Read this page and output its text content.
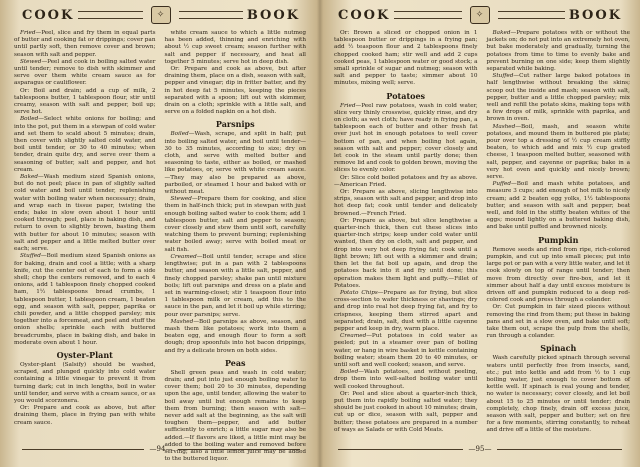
COOK	✧	BOOK

Fried—Peel, slice and fry them in equal parts of butter and cooking fat or drippings; cover pan until partly soft, then remove cover and brown; season with salt and pepper.

Stewed—Peel and cook in boiling salted water until tender; remove to dish with skimmer and serve over them white cream sauce as for asparagus or cauliflower.

Or: Boil and drain; add a cup of milk, 2 tablespoons butter, 1 tablespoon flour, stir until creamy, season with salt and pepper, boil up; serve hot.

Boiled—Select white onions for boiling; and into the pot, put them in a stewpan of cold water and set them to scald about 5 minutes; drain, then cover with slightly salted cold water, and boil until tender, or 30 to 40 minutes; when tender, drain quite dry, and serve over them a seasoning of butter, salt and pepper, and hot cream.

Baked—Wash medium sized Spanish onions, but do not peel; place in pan of slightly salted cold water and boil until tender, replenishing water with boiling water when necessary; drain, and wrap each in tissue paper, twisting the ends; bake in slow oven about 1 hour until cooked through; peel, place in baking dish, and return to oven to slightly brown, basting them with butter for about 10 minutes; season with salt and pepper and a little melted butter over each; serve.

Stuffed—Boil medium sized Spanish onions as for baking, drain and cool a little; with a sharp knife, cut the center out of each to form a side shell; chop the centers removed, and to each 4 onions, add 1 tablespoon finely chopped cooked ham, 1½ tablespoons bread crumbs, 1 tablespoon butter, 1 tablespoon cream, 1 beaten egg, and season with salt, pepper, paprika or chili powder, and a little chopped parsley; mix together into a forcemeat, and peel and stuff the onion shells; sprinkle each with buttered breadcrumbs, place in baking dish, and bake in moderate oven about 1 hour.

Oyster-Plant

Oyster-plant (Salsify) should be washed, scraped, and plunged quickly into cold water containing a little vinegar to prevent it from turning dark; cut in inch lengths, boil in water until tender, and serve with a cream sauce, or as you would scorzonera.

Or: Prepare and cook as above, but after draining them, place in frying pan with white cream sauce.

white cream sauce to which a little nutmeg has been added, thinning and enriching with about ½ cup sweet cream; season further with salt and pepper if necessary, and heat all together 5 minutes; serve hot in deep dish.

Or: Prepare and cook as above, but after draining them, place on a dish, season with salt, pepper and vinegar; dip in fritter batter, and fry in hot deep fat 5 minutes, keeping the pieces separated with a spoon; lift out with skimmer, drain on a cloth; sprinkle with a little salt, and serve on a folded napkin on a hot dish.

Parsnips

Boiled—Wash, scrape, and split in half; put into boiling salted water, and boil until tender—30 to 35 minutes, according to size; dry on cloth, and serve with melted butter and seasoning to taste, either as boiled, or mashed like potatoes, or, serve with white cream sauce.—They may also be prepared as above, parboiled, or steamed 1 hour and baked with or without meat.

Stewed—Prepare them for cooking, and slice them in half-inch thick; put in stewpan with just enough boiling salted water to cook them; add 1 tablespoon butter, salt and pepper to season; cover closely and stew them until soft, carefully watching them to prevent burning; replenishing water boiled away; serve with boiled meat or salt fish.

Creamed—Boil until tender, scrape and slice lengthwise; put in a pan with 2 tablespoons butter, and season with a little salt, pepper, and finely chopped parsley; shake pan until mixture boils; lift out parsnips and dress on a plate and set in warming-closet; stir 1 teaspoon flour into 1 tablespoon milk or cream, add this to the sauce in the pan, and let it boil up while stirring; pour over parsnips; serve.

Mashed—Boil parsnips as above, season, and mash them like potatoes; work into them a beaten egg, and enough flour to form a soft dough; drop spoonfuls into hot bacon drippings, and fry a delicate brown on both sides.

Peas

Shell green peas and wash in cold water; drain; and put into just enough boiling water to cover them; boil 20 to 30 minutes, depending upon the age, until tender, allowing the water to boil away until but enough remains to keep them from burning; then season with salt—never add salt at the beginning, as the salt will toughen them—pepper, and add butter sufficiently to enrich; a little sugar may also be added.—If flavors are liked, a little mint may be added to the boiling water and removed before serving; also a little lemon juice may be added to the buttered liquor.

—94—
COOK	✧	BOOK

Or: Brown a sliced or chopped onion in 1 tablespoon butter or drippings in a frying pan; add ½ teaspoon flour and 2 tablespoons finely chopped cooked ham; stir well and add 2 cups cooked peas, 1 tablespoon water or good stock; a small sprinkle of sugar and nutmeg; season with salt and pepper to taste; simmer about 10 minutes, mixing well; serve.

Potatoes

Fried—Peel raw potatoes, wash in cold water, slice very thinly crosswise, quickly rinse, and dry on cloth; as wet cloth; have ready in frying pan, a tablespoon each of butter and other fresh fat over just hot in enough potatoes to well cover bottom of pan, and when boiling hot again, season with salt and pepper; cover closely and let cook in the steam until partly done; then remove lid and cook to golden brown, moving the slices to evenly color.

Or: Slice cold boiled potatoes and fry as above.—American Fried.

Or: Prepare as above, slicing lengthwise into strips, season with salt and pepper, and drop into hot deep fat; cook until tender and delicately browned.—French Fried.

Or: Prepare as above, but slice lengthwise a quarter-inch thick, then cut these slices into quarter-inch strips; keep under cold water until wanted, then dry on cloth, salt and pepper, and drop into very hot deep frying fat; cook until a light brown; lift out with a skimmer and drain; then let the fat boil up again, and drop the potatoes back into it and fry until done; this operation makes them light and puffy.—Fillet of Potatoes.

Potato Chips—Prepare as for frying, but slice cross-section to wafer thickness or shavings; dry and drop into real hot deep frying fat, and fry to crispness, keeping them stirred apart and separated; drain, salt, dust with a little cayenne pepper and keep in dry, warm place.

Creamed—Put potatoes in cold water as peeled; put in a steamer over pan of boiling water, or hang in wire basket in kettle containing boiling water; steam them 20 to 40 minutes, or until soft and well cooked; season, and serve.

Boiled—Wash potatoes, and without peeling, drop them into well-salted boiling water until well cooked throughout.

Or: Peel and slice about a quarter-inch thick, put them into rapidly boiling salted water; they should be just cooked in about 10 minutes; drain, cut up or dice, season with salt, pepper and butter; these potatoes are prepared in a number of ways as Salads or with Cold Meats.

Baked—Prepare potatoes with or without the jackets on; do not put into an extremely hot oven, but bake moderately and gradually, turning the potatoes from time to time to evenly bake and prevent burning on one side; keep them slightly separated while baking.

Stuffed—Cut rather large baked potatoes in half lengthwise without breaking the skins; scoop out the inside and mash; season with salt, pepper, butter and a little chopped parsley; mix well and refill the potato skins, making tops with a few drops of milk, sprinkle with paprika, and brown in oven.

Mashed—Boil, mash, and season white potatoes, and mound them in buttered pie plate; pour over top a dressing of ½ cup cream stiffly beaten, to which add and mix ½ cup grated cheese, 1 teaspoon melted butter, seasoned with salt, pepper, and cayenne or paprika; bake in a very hot oven and quickly and nicely brown; serve.

Puffed—Boil and mash white potatoes, and measure 3 cups; add enough of hot milk to nicely cream; add 2 beaten egg yolks, 1½ tablespoons butter, and season with salt and pepper; beat well, and fold in the stiffly beaten whites of the eggs; mound lightly on a buttered baking dish, and bake until puffed and browned nicely.

Pumpkin

Remove seeds and rind from ripe, rich-colored pumpkin, and cut up into small pieces; put into large pot or pan with a very little water, and let it cook slowly on top of range until tender; then move from directly over fire-box, and let it simmer about half a day until excess moisture is driven off and pumpkin reduced to a deep red-colored cook and press through a colander.

Or: Cut pumpkin in fair sized pieces without removing the rind from them; put these in baking pans and set in a slow oven, and bake until soft; take them out, scrape the pulp from the shells, run through a colander.

Spinach

Wash carefully picked spinach through several waters until perfectly free from insects, sand, etc.; put into kettle and add from ½ to 1 cup boiling water, just enough to cover bottom of kettle well. If spinach is real young and tender, no water is necessary; cover closely, and let boil about 15 to 25 minutes or until tender; drain completely, chop finely, drain off excess juice, season with salt, pepper and butter; set on fire for a few moments, stirring constantly, to reheat and drive off a little of the moisture.

—95—
